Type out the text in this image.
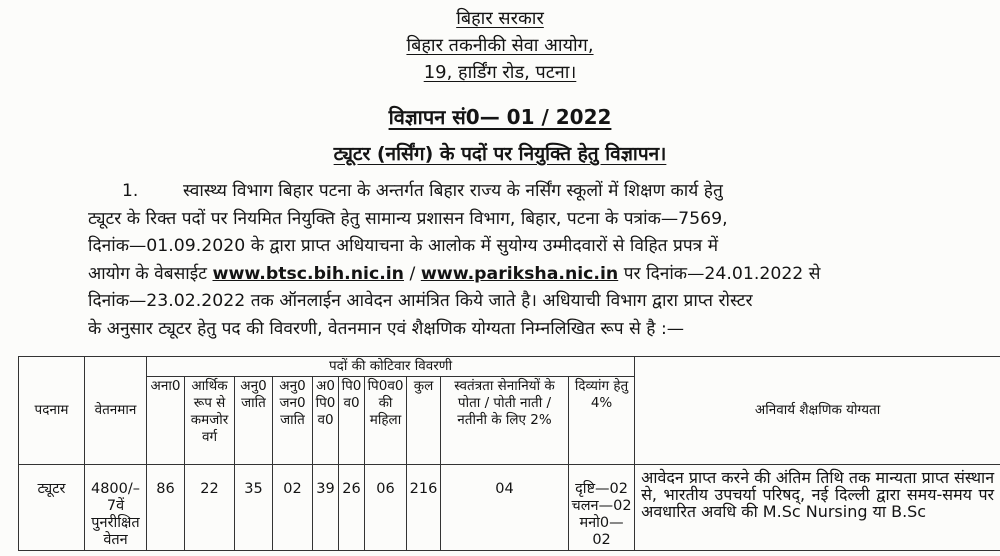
बिहार सरकार
बिहार तकनीकी सेवा आयोग,
19, हार्डिंग रोड, पटना।
विज्ञापन सं0— 01 / 2022
ट्यूटर (नर्सिंग) के पदों पर नियुक्ति हेतु विज्ञापन।
1.	स्वास्थ्य विभाग बिहार पटना के अन्तर्गत बिहार राज्य के नर्सिंग स्कूलों में शिक्षण कार्य हेतु
ट्यूटर के रिक्त पदों पर नियमित नियुक्ति हेतु सामान्य प्रशासन विभाग, बिहार, पटना के पत्रांक—7569,
दिनांक—01.09.2020 के द्वारा प्राप्त अधियाचना के आलोक में सुयोग्य उम्मीदवारों से विहित प्रपत्र में
आयोग के वेबसाईट www.btsc.bih.nic.in / www.pariksha.nic.in पर दिनांक—24.01.2022 से
दिनांक—23.02.2022 तक ऑनलाईन आवेदन आमंत्रित किये जाते है। अधियाची विभाग द्वारा प्राप्त रोस्टर
के अनुसार ट्यूटर हेतु पद की विवरणी, वेतनमान एवं शैक्षणिक योग्यता निम्नलिखित रूप से है :—
पदनाम	वेतनमान	पदों की कोटिवार विवरणी										अनिवार्य शैक्षणिक योग्यता
		अना0	आर्थिक रूप से कमजोर वर्ग	अनु0 जाति	अनु0 जन0 जाति	अ0 पि0 व0	पि0 व0	पि0व0 की महिला	कुल	स्वतंत्रता सेनानियों के पोता / पोती नाती / नतीनी के लिए 2%	दिव्यांग हेतु 4%	
ट्यूटर	4800/– 7वें पुनरीक्षित वेतन	86	22	35	02	39	26	06	216	04	दृष्टि—02
चलन—02
मनो0—02	आवेदन प्राप्त करने की अंतिम तिथि तक मान्यता प्राप्त संस्थान से, भारतीय उपचर्या परिषद्, नई दिल्ली द्वारा समय-समय पर अवधारित अवधि की M.Sc Nursing या B.Sc
